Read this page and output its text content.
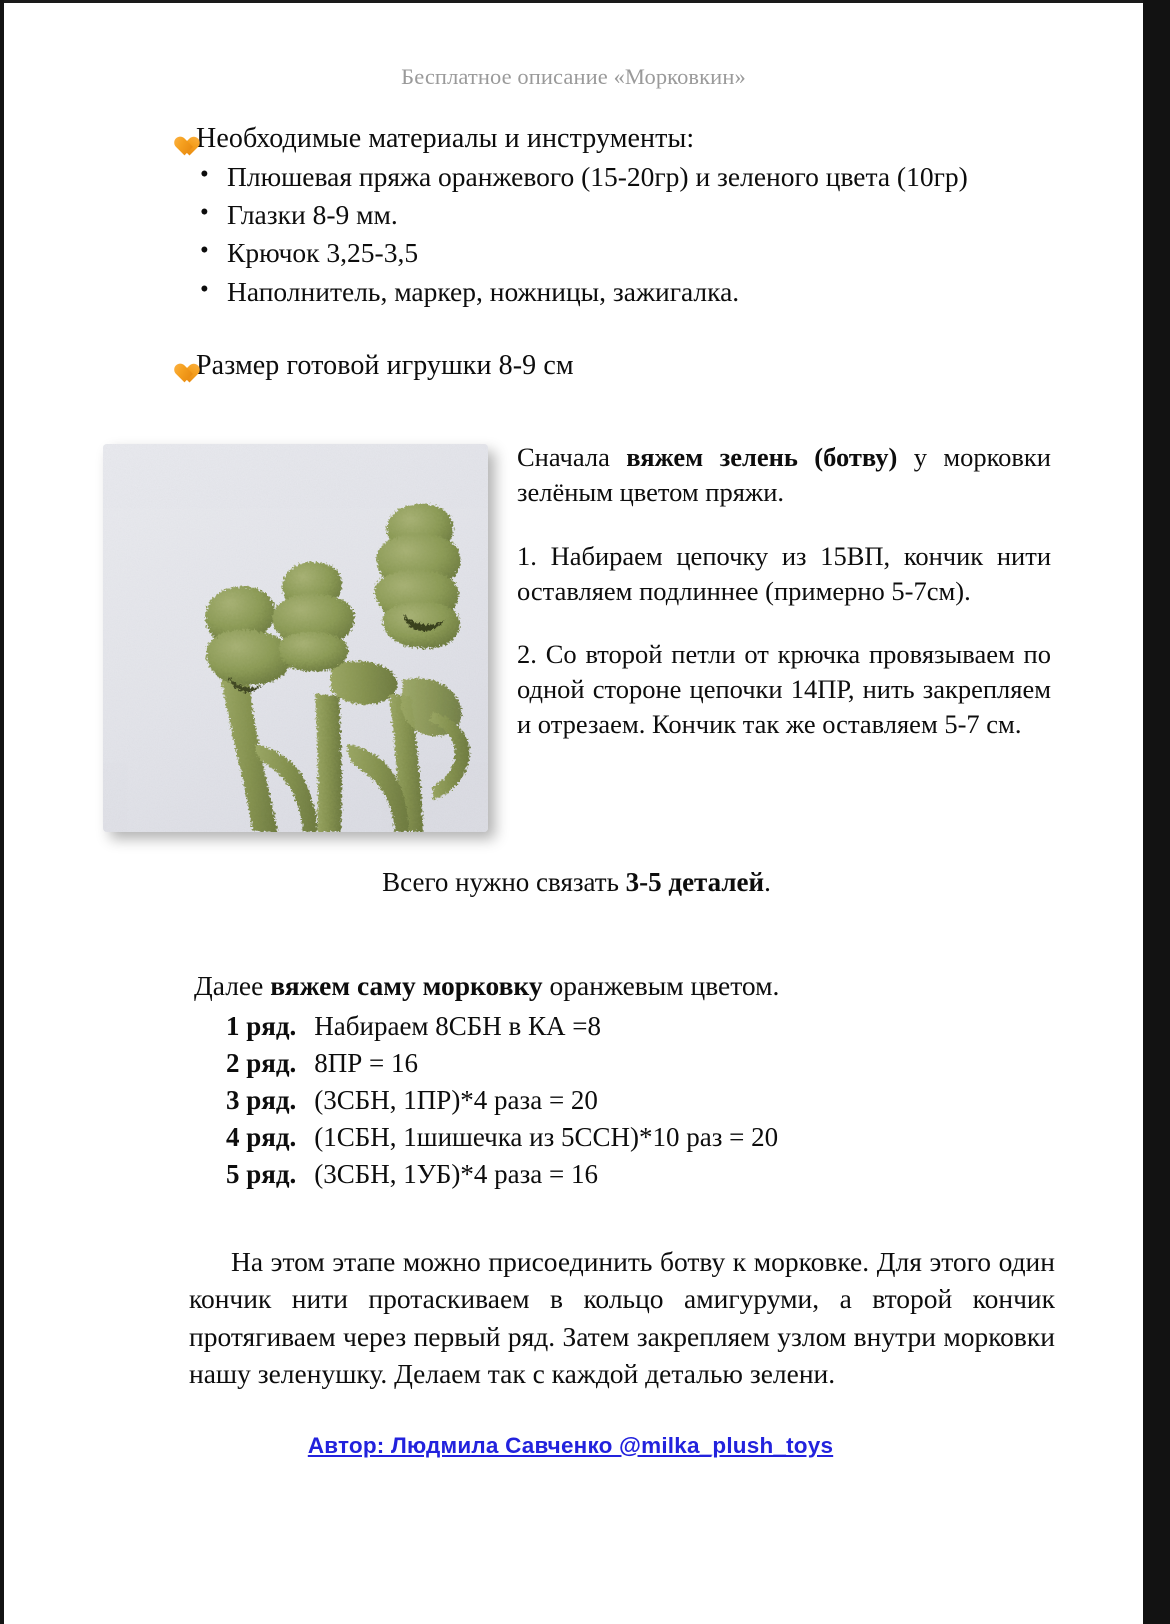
Бесплатное описание «Морковкин»
Необходимые материалы и инструменты:
• Плюшевая пряжа оранжевого (15-20гр) и зеленого цвета (10гр)
• Глазки 8-9 мм.
• Крючок 3,25-3,5
• Наполнитель, маркер, ножницы, зажигалка.
Размер готовой игрушки 8-9 см

Сначала вяжем зелень (ботву) у морковки зелёным цветом пряжи.

1. Набираем цепочку из 15ВП, кончик нити оставляем подлиннее (примерно 5-7см).

2. Со второй петли от крючка провязываем по одной стороне цепочки 14ПР, нить закрепляем и отрезаем. Кончик так же оставляем 5-7 см.

Всего нужно связать 3-5 деталей.
Далее вяжем саму морковку оранжевым цветом.
1 ряд.	Набираем 8СБН в КА =8
2 ряд.	8ПР = 16
3 ряд.	(3СБН, 1ПР)*4 раза = 20
4 ряд.	(1СБН, 1шишечка из 5ССН)*10 раз = 20
5 ряд.	(3СБН, 1УБ)*4 раза = 16
На этом этапе можно присоединить ботву к морковке. Для этого один кончик нити протаскиваем в кольцо амигуруми, а второй кончик протягиваем через первый ряд. Затем закрепляем узлом внутри морковки нашу зеленушку. Делаем так с каждой деталью зелени.
Автор: Людмила Савченко @milka_plush_toys
